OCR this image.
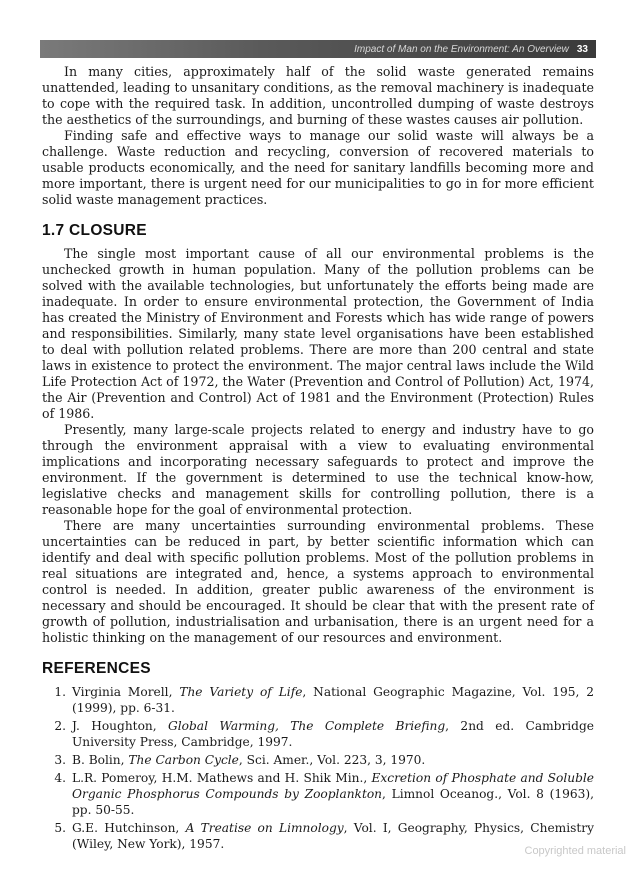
Impact of Man on the Environment: An Overview 33

In many cities, approximately half of the solid waste generated remains unattended, leading to unsanitary conditions, as the removal machinery is inadequate to cope with the required task. In addition, uncontrolled dumping of waste destroys the aesthetics of the surroundings, and burning of these wastes causes air pollution.

Finding safe and effective ways to manage our solid waste will always be a challenge. Waste reduction and recycling, conversion of recovered materials to usable products economically, and the need for sanitary landfills becoming more and more important, there is urgent need for our municipalities to go in for more efficient solid waste management practices.

1.7 CLOSURE

The single most important cause of all our environmental problems is the unchecked growth in human population. Many of the pollution problems can be solved with the available technologies, but unfortunately the efforts being made are inadequate. In order to ensure environmental protection, the Government of India has created the Ministry of Environment and Forests which has wide range of powers and responsibilities. Similarly, many state level organisations have been established to deal with pollution related problems. There are more than 200 central and state laws in existence to protect the environment. The major central laws include the Wild Life Protection Act of 1972, the Water (Prevention and Control of Pollution) Act, 1974, the Air (Prevention and Control) Act of 1981 and the Environment (Protection) Rules of 1986.

Presently, many large-scale projects related to energy and industry have to go through the environment appraisal with a view to evaluating environmental implications and incorporating necessary safeguards to protect and improve the environment. If the government is determined to use the technical know-how, legislative checks and management skills for controlling pollution, there is a reasonable hope for the goal of environmental protection.

There are many uncertainties surrounding environmental problems. These uncertainties can be reduced in part, by better scientific information which can identify and deal with specific pollution problems. Most of the pollution problems in real situations are integrated and, hence, a systems approach to environmental control is needed. In addition, greater public awareness of the environment is necessary and should be encouraged. It should be clear that with the present rate of growth of pollution, industrialisation and urbanisation, there is an urgent need for a holistic thinking on the management of our resources and environment.

REFERENCES
1. Virginia Morell, The Variety of Life, National Geographic Magazine, Vol. 195, 2 (1999), pp. 6-31.
2. J. Houghton, Global Warming, The Complete Briefing, 2nd ed. Cambridge University Press, Cambridge, 1997.
3. B. Bolin, The Carbon Cycle, Sci. Amer., Vol. 223, 3, 1970.
4. L.R. Pomeroy, H.M. Mathews and H. Shik Min., Excretion of Phosphate and Soluble Organic Phosphorus Compounds by Zooplankton, Limnol Oceanog., Vol. 8 (1963), pp. 50-55.
5. G.E. Hutchinson, A Treatise on Limnology, Vol. I, Geography, Physics, Chemistry (Wiley, New York), 1957.	Copyrighted material
